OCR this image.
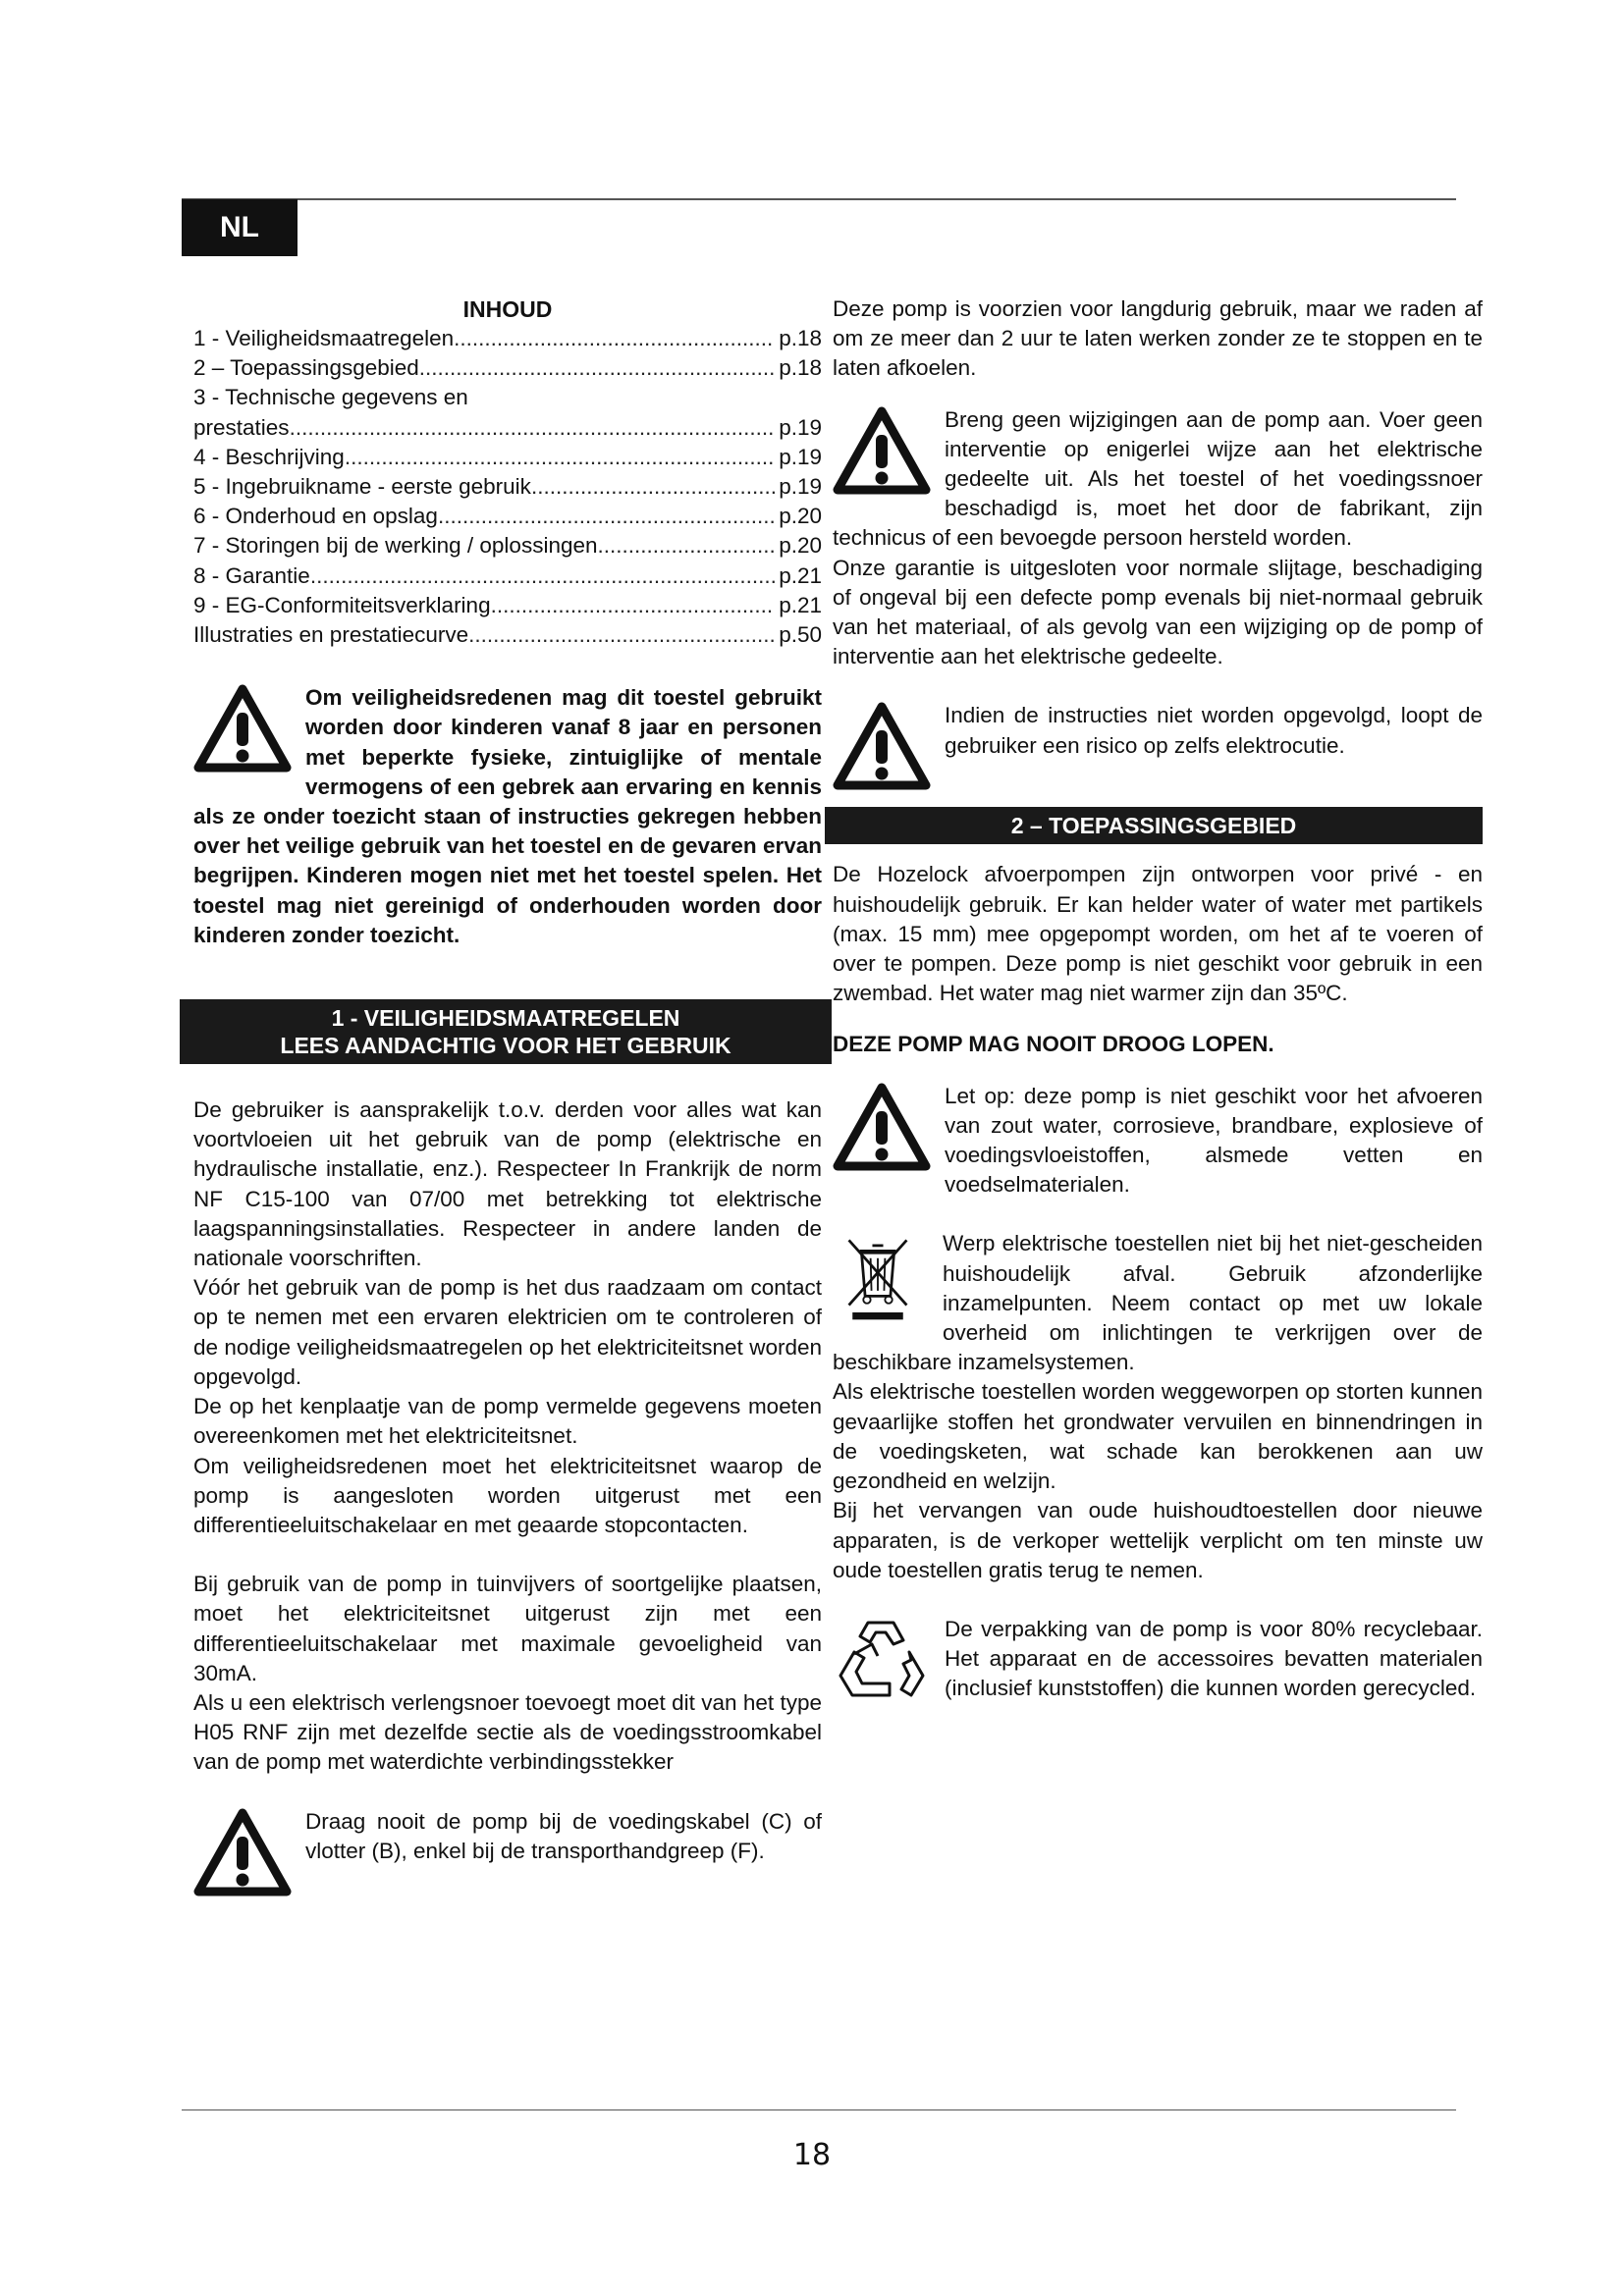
NL
INHOUD
1 - Veiligheidsmaatregelen .....	p.18
2 – Toepassingsgebied .....	p.18
3 - Technische gegevens en
prestaties .....	p.19
4 - Beschrijving .....	p.19
5 - Ingebruikname - eerste gebruik .....	p.19
6 - Onderhoud en opslag .....	p.20
7 - Storingen bij de werking / oplossingen .....	p.20
8 - Garantie .....	p.21
9 - EG-Conformiteitsverklaring .....	p.21
Illustraties en prestatiecurve .....	p.50
Om veiligheidsredenen mag dit toestel gebruikt worden door kinderen vanaf 8 jaar en personen met beperkte fysieke, zintuiglijke of mentale vermogens of een gebrek aan ervaring en kennis als ze onder toezicht staan of instructies gekregen hebben over het veilige gebruik van het toestel en de gevaren ervan begrijpen. Kinderen mogen niet met het toestel spelen. Het toestel mag niet gereinigd of onderhouden worden door kinderen zonder toezicht.
1 - VEILIGHEIDSMAATREGELEN
LEES AANDACHTIG VOOR HET GEBRUIK

De gebruiker is aansprakelijk t.o.v. derden voor alles wat kan voortvloeien uit het gebruik van de pomp (elektrische en hydraulische installatie, enz.). Respecteer In Frankrijk de norm NF C15-100 van 07/00 met betrekking tot elektrische laagspanningsinstallaties. Respecteer in andere landen de nationale voorschriften.

Vóór het gebruik van de pomp is het dus raadzaam om contact op te nemen met een ervaren elektricien om te controleren of de nodige veiligheidsmaatregelen op het elektriciteitsnet worden opgevolgd.

De op het kenplaatje van de pomp vermelde gegevens moeten overeenkomen met het elektriciteitsnet.

Om veiligheidsredenen moet het elektriciteitsnet waarop de pomp is aangesloten worden uitgerust met een differentieeluitschakelaar en met geaarde stopcontacten.

Bij gebruik van de pomp in tuinvijvers of soortgelijke plaatsen, moet het elektriciteitsnet uitgerust zijn met een differentieeluitschakelaar met maximale gevoeligheid van 30mA.

Als u een elektrisch verlengsnoer toevoegt moet dit van het type H05 RNF zijn met dezelfde sectie als de voedingsstroomkabel van de pomp met waterdichte verbindingsstekker

Draag nooit de pomp bij de voedingskabel (C) of vlotter (B), enkel bij de transporthandgreep (F).

Deze pomp is voorzien voor langdurig gebruik, maar we raden af om ze meer dan 2 uur te laten werken zonder ze te stoppen en te laten afkoelen.

Breng geen wijzigingen aan de pomp aan. Voer geen interventie op enigerlei wijze aan het elektrische gedeelte uit. Als het toestel of het voedingssnoer beschadigd is, moet het door de fabrikant, zijn technicus of een bevoegde persoon hersteld worden.

Onze garantie is uitgesloten voor normale slijtage, beschadiging of ongeval bij een defecte pomp evenals bij niet-normaal gebruik van het materiaal, of als gevolg van een wijziging op de pomp of interventie aan het elektrische gedeelte.

Indien de instructies niet worden opgevolgd, loopt de gebruiker een risico op zelfs elektrocutie.
2 – TOEPASSINGSGEBIED

De Hozelock afvoerpompen zijn ontworpen voor privé - en huishoudelijk gebruik. Er kan helder water of water met partikels (max. 15 mm) mee opgepompt worden, om het af te voeren of over te pompen. Deze pomp is niet geschikt voor gebruik in een zwembad. Het water mag niet warmer zijn dan 35ºC.

DEZE POMP MAG NOOIT DROOG LOPEN.

Let op: deze pomp is niet geschikt voor het afvoeren van zout water, corrosieve, brandbare, explosieve of voedingsvloeistoffen, alsmede vetten en voedselmaterialen.
Werp elektrische toestellen niet bij het niet-gescheiden huishoudelijk afval. Gebruik afzonderlijke inzamelpunten. Neem contact op met uw lokale overheid om inlichtingen te verkrijgen over de beschikbare inzamelsystemen.

Als elektrische toestellen worden weggeworpen op storten kunnen gevaarlijke stoffen het grondwater vervuilen en binnendringen in de voedingsketen, wat schade kan berokkenen aan uw gezondheid en welzijn.

Bij het vervangen van oude huishoudtoestellen door nieuwe apparaten, is de verkoper wettelijk verplicht om ten minste uw oude toestellen gratis terug te nemen.

De verpakking van de pomp is voor 80% recyclebaar. Het apparaat en de accessoires bevatten materialen (inclusief kunststoffen) die kunnen worden gerecycled.
18
